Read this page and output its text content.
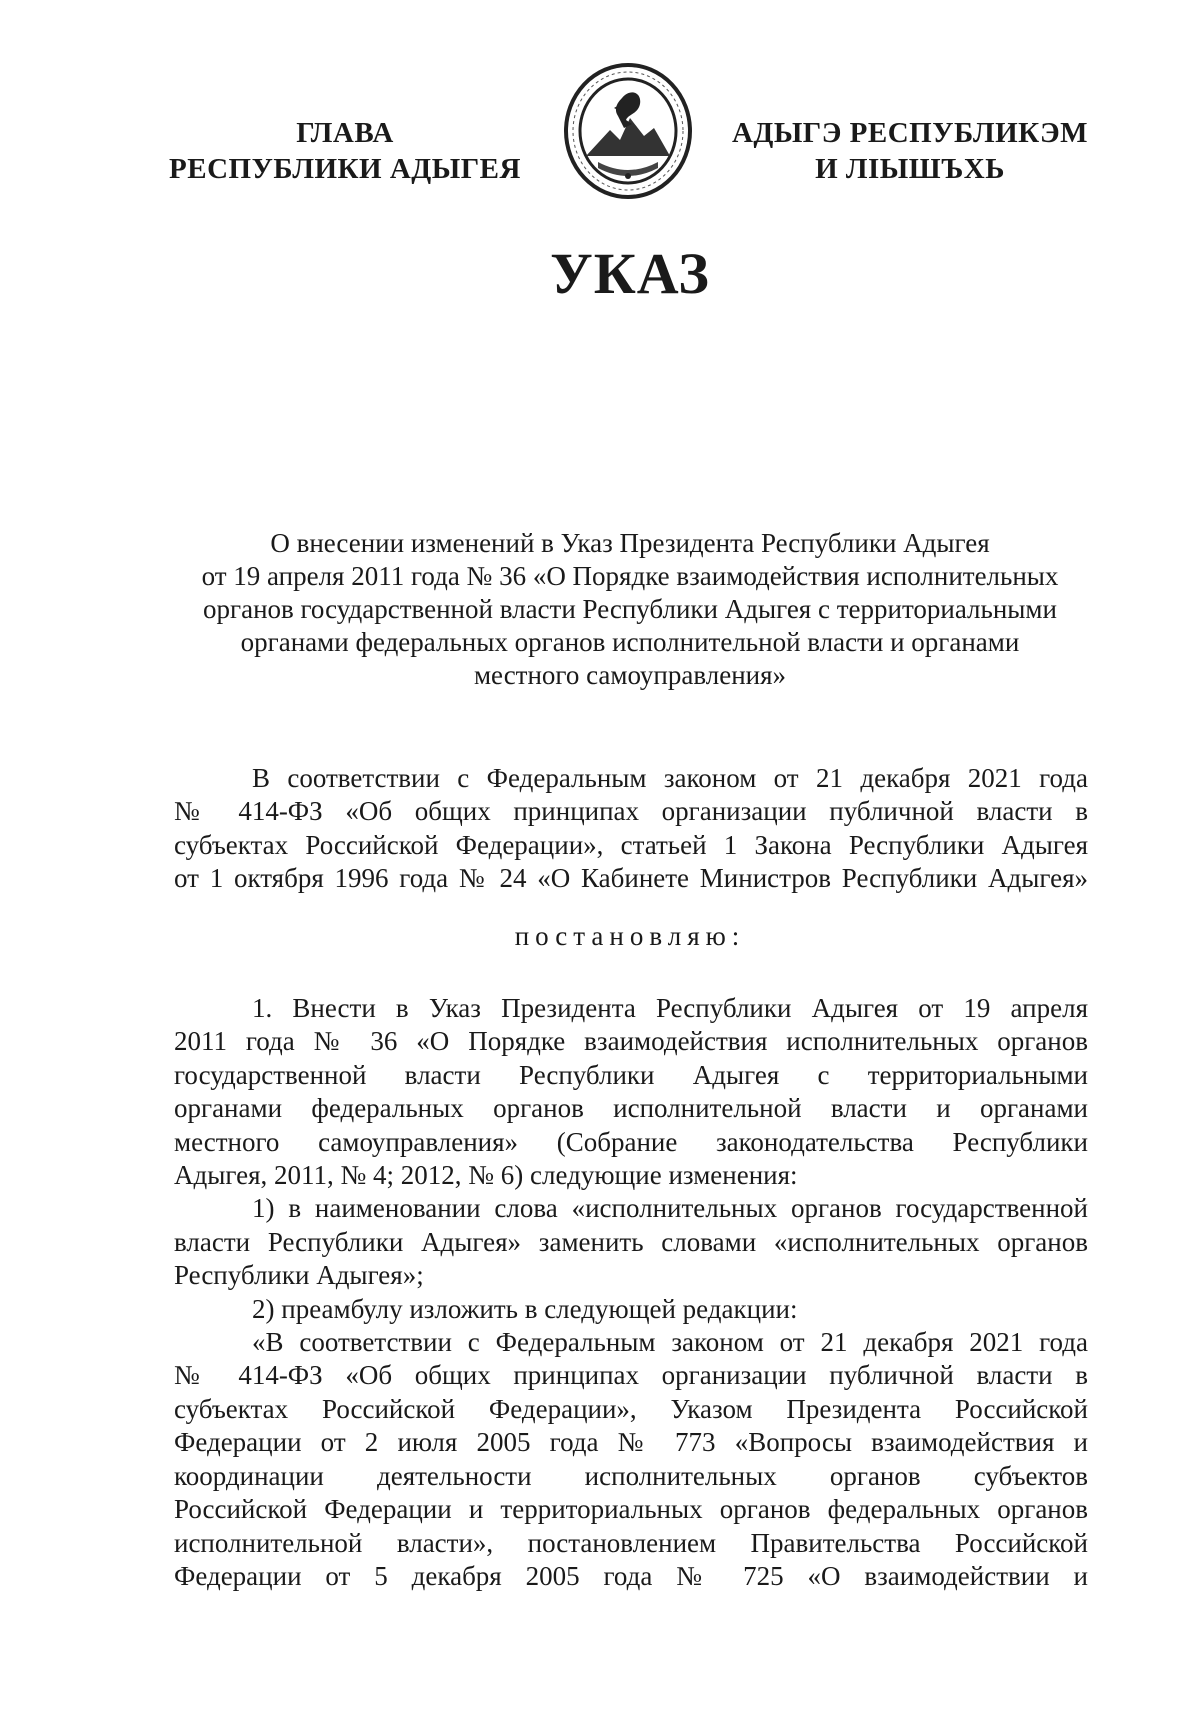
ГЛАВА
РЕСПУБЛИКИ АДЫГЕЯ
АДЫГЭ РЕСПУБЛИКЭМ
И ЛІЫШЪХЬ
УКАЗ
О внесении изменений в Указ Президента Республики Адыгея
от 19 апреля 2011 года № 36 «О Порядке взаимодействия исполнительных
органов государственной власти Республики Адыгея с территориальными
органами федеральных органов исполнительной власти и органами
местного самоуправления»
В соответствии с Федеральным законом от 21 декабря 2021 года
№ 414-ФЗ «Об общих принципах организации публичной власти в
субъектах Российской Федерации», статьей 1 Закона Республики Адыгея
от 1 октября 1996 года № 24 «О Кабинете Министров Республики Адыгея»
постановляю:
1. Внести в Указ Президента Республики Адыгея от 19 апреля
2011 года № 36 «О Порядке взаимодействия исполнительных органов
государственной власти Республики Адыгея с территориальными
органами федеральных органов исполнительной власти и органами
местного самоуправления» (Собрание законодательства Республики
Адыгея, 2011, № 4; 2012, № 6) следующие изменения:
1) в наименовании слова «исполнительных органов государственной
власти Республики Адыгея» заменить словами «исполнительных органов
Республики Адыгея»;
2) преамбулу изложить в следующей редакции:
«В соответствии с Федеральным законом от 21 декабря 2021 года
№ 414-ФЗ «Об общих принципах организации публичной власти в
субъектах Российской Федерации», Указом Президента Российской
Федерации от 2 июля 2005 года № 773 «Вопросы взаимодействия и
координации деятельности исполнительных органов субъектов
Российской Федерации и территориальных органов федеральных органов
исполнительной власти», постановлением Правительства Российской
Федерации от 5 декабря 2005 года № 725 «О взаимодействии и
